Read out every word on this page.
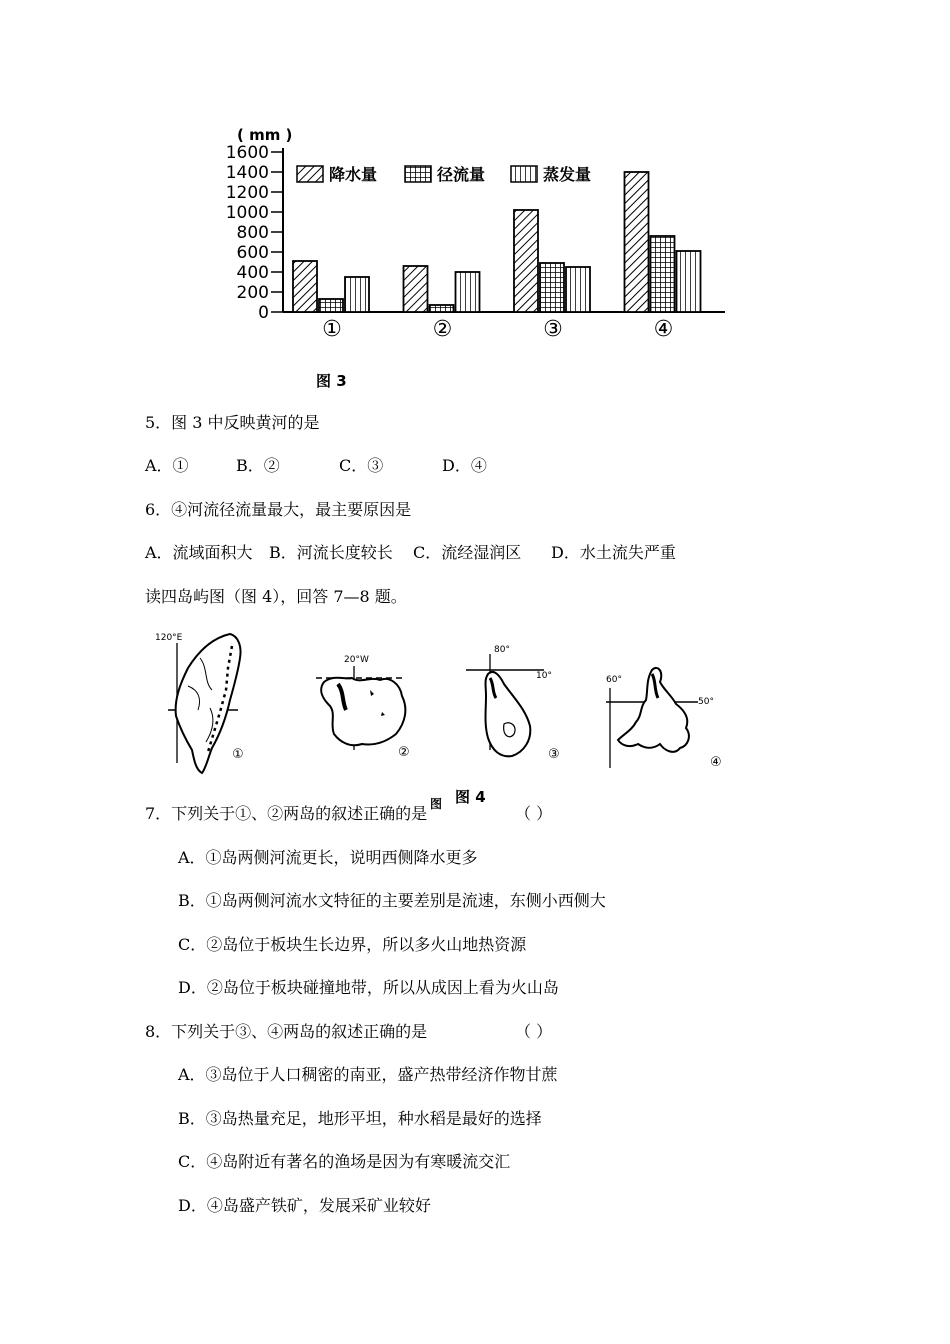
( mm )
0
200
400
600
800
1000
1200
1400
1600
①	②	③	④
降水量	径流量	蒸发量
图 3
5．图 3 中反映黄河的是
A．①	B．②	C．③	D．④
6．④河流径流量最大，最主要原因是
A．流域面积大 B．河流长度较长 C．流经湿润区 D．水土流失严重
读四岛屿图（图 4），回答 7—8 题。
120°E
①
20°W
②
80°
10°
③
60°
50°
④
图 图 4
7．下列关于①、②两岛的叙述正确的是	（ ）
A．①岛两侧河流更长，说明西侧降水更多
B．①岛两侧河流水文特征的主要差别是流速，东侧小西侧大
C．②岛位于板块生长边界，所以多火山地热资源
D．②岛位于板块碰撞地带，所以从成因上看为火山岛
8．下列关于③、④两岛的叙述正确的是	（ ）
A．③岛位于人口稠密的南亚，盛产热带经济作物甘蔗
B．③岛热量充足，地形平坦，种水稻是最好的选择
C．④岛附近有著名的渔场是因为有寒暖流交汇
D．④岛盛产铁矿，发展采矿业较好
